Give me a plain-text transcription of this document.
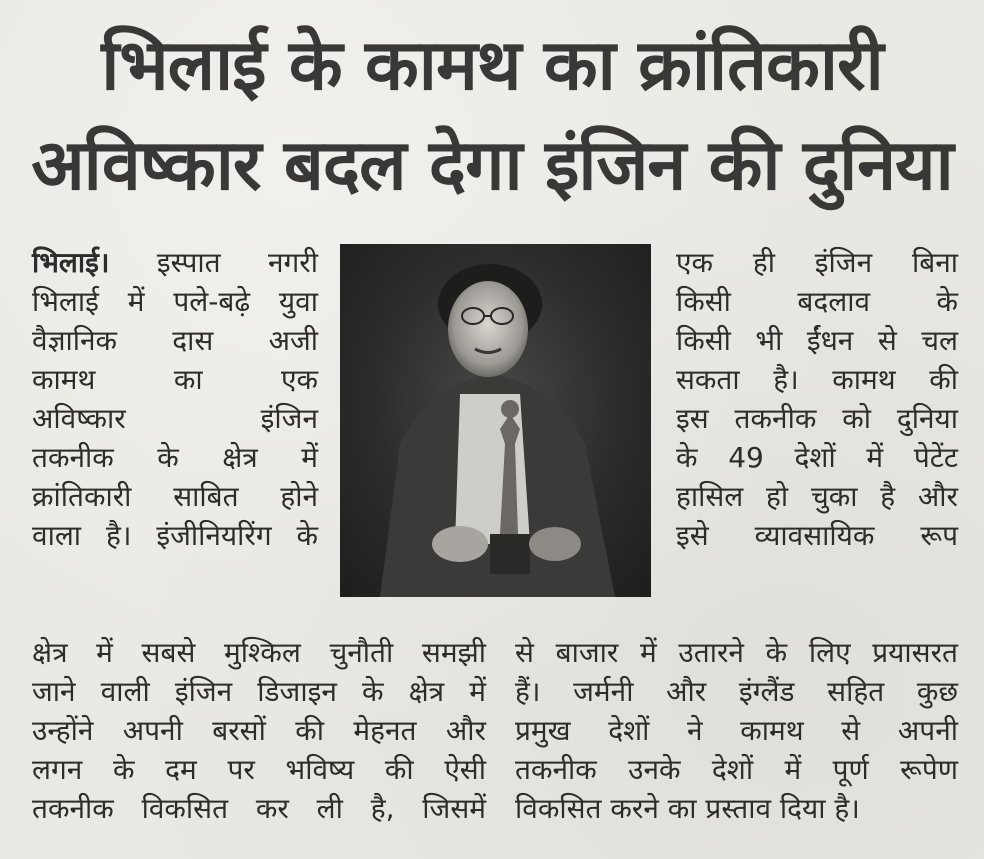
भिलाई के कामथ का क्रांतिकारी
अविष्कार बदल देगा इंजिन की दुनिया
भिलाई। इस्पात नगरी
भिलाई में पले-बढ़े युवा
वैज्ञानिक दास अजी
कामथ का एक
अविष्कार इंजिन
तकनीक के क्षेत्र में
क्रांतिकारी साबित होने
वाला है। इंजीनियरिंग के
एक ही इंजिन बिना
किसी बदलाव के
किसी भी ईंधन से चल
सकता है। कामथ की
इस तकनीक को दुनिया
के 49 देशों में पेटेंट
हासिल हो चुका है और
इसे व्यावसायिक रूप
क्षेत्र में सबसे मुश्किल चुनौती समझी
जाने वाली इंजिन डिजाइन के क्षेत्र में
उन्होंने अपनी बरसों की मेहनत और
लगन के दम पर भविष्य की ऐसी
तकनीक विकसित कर ली है, जिसमें
से बाजार में उतारने के लिए प्रयासरत
हैं। जर्मनी और इंग्लैंड सहित कुछ
प्रमुख देशों ने कामथ से अपनी
तकनीक उनके देशों में पूर्ण रूपेण
विकसित करने का प्रस्ताव दिया है।
